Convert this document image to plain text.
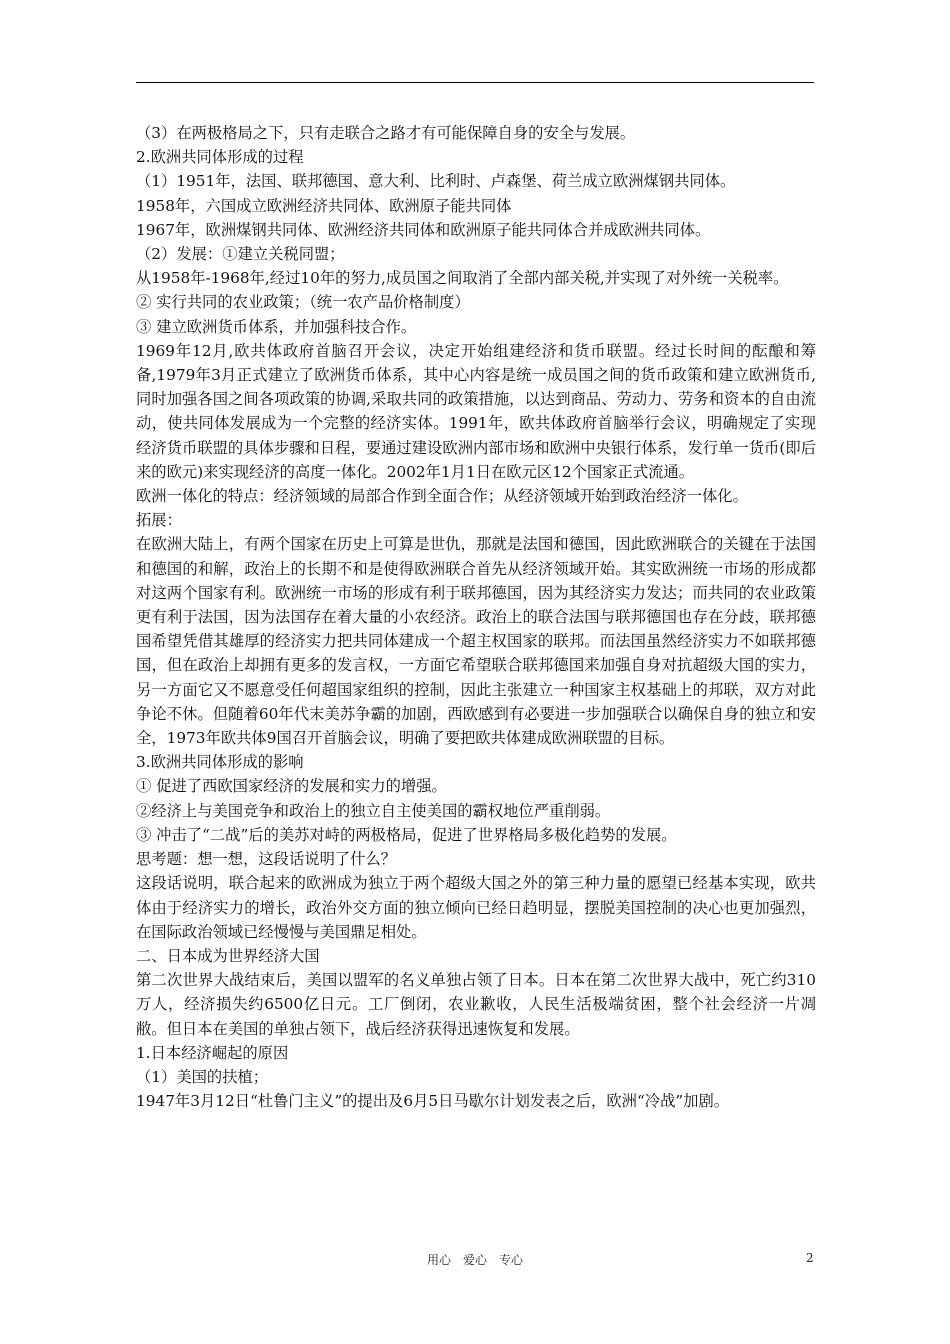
（3）在两极格局之下，只有走联合之路才有可能保障自身的安全与发展。

2.欧洲共同体形成的过程

（1）1951年，法国、联邦德国、意大利、比利时、卢森堡、荷兰成立欧洲煤钢共同体。

1958年，六国成立欧洲经济共同体、欧洲原子能共同体

1967年，欧洲煤钢共同体、欧洲经济共同体和欧洲原子能共同体合并成欧洲共同体。

（2）发展：①建立关税同盟；

从1958年-1968年,经过10年的努力,成员国之间取消了全部内部关税,并实现了对外统一关税率。

② 实行共同的农业政策；（统一农产品价格制度）

③ 建立欧洲货币体系，并加强科技合作。

1969年12月,欧共体政府首脑召开会议，决定开始组建经济和货币联盟。经过长时间的酝酿和筹备,1979年3月正式建立了欧洲货币体系，其中心内容是统一成员国之间的货币政策和建立欧洲货币,同时加强各国之间各项政策的协调,采取共同的政策措施，以达到商品、劳动力、劳务和资本的自由流动，使共同体发展成为一个完整的经济实体。1991年，欧共体政府首脑举行会议，明确规定了实现经济货币联盟的具体步骤和日程，要通过建设欧洲内部市场和欧洲中央银行体系，发行单一货币(即后来的欧元)来实现经济的高度一体化。2002年1月1日在欧元区12个国家正式流通。

欧洲一体化的特点：经济领域的局部合作到全面合作；从经济领域开始到政治经济一体化。

拓展：

在欧洲大陆上，有两个国家在历史上可算是世仇，那就是法国和德国，因此欧洲联合的关键在于法国和德国的和解，政治上的长期不和是使得欧洲联合首先从经济领域开始。其实欧洲统一市场的形成都对这两个国家有利。欧洲统一市场的形成有利于联邦德国，因为其经济实力发达；而共同的农业政策更有利于法国，因为法国存在着大量的小农经济。政治上的联合法国与联邦德国也存在分歧，联邦德国希望凭借其雄厚的经济实力把共同体建成一个超主权国家的联邦。而法国虽然经济实力不如联邦德国，但在政治上却拥有更多的发言权，一方面它希望联合联邦德国来加强自身对抗超级大国的实力，另一方面它又不愿意受任何超国家组织的控制，因此主张建立一种国家主权基础上的邦联，双方对此争论不休。但随着60年代末美苏争霸的加剧，西欧感到有必要进一步加强联合以确保自身的独立和安全，1973年欧共体9国召开首脑会议，明确了要把欧共体建成欧洲联盟的目标。

3.欧洲共同体形成的影响

① 促进了西欧国家经济的发展和实力的增强。

②经济上与美国竞争和政治上的独立自主使美国的霸权地位严重削弱。

③ 冲击了“二战”后的美苏对峙的两极格局，促进了世界格局多极化趋势的发展。

思考题：想一想，这段话说明了什么？

这段话说明，联合起来的欧洲成为独立于两个超级大国之外的第三种力量的愿望已经基本实现，欧共体由于经济实力的增长，政治外交方面的独立倾向已经日趋明显，摆脱美国控制的决心也更加强烈，在国际政治领域已经慢慢与美国鼎足相处。

二、日本成为世界经济大国

第二次世界大战结束后，美国以盟军的名义单独占领了日本。日本在第二次世界大战中，死亡约310万人，经济损失约6500亿日元。工厂倒闭，农业歉收，人民生活极端贫困，整个社会经济一片凋敝。但日本在美国的单独占领下，战后经济获得迅速恢复和发展。

1.日本经济崛起的原因

（1）美国的扶植；

1947年3月12日“杜鲁门主义”的提出及6月5日马歇尔计划发表之后，欧洲“冷战”加剧。

用心　爱心　专心	2
